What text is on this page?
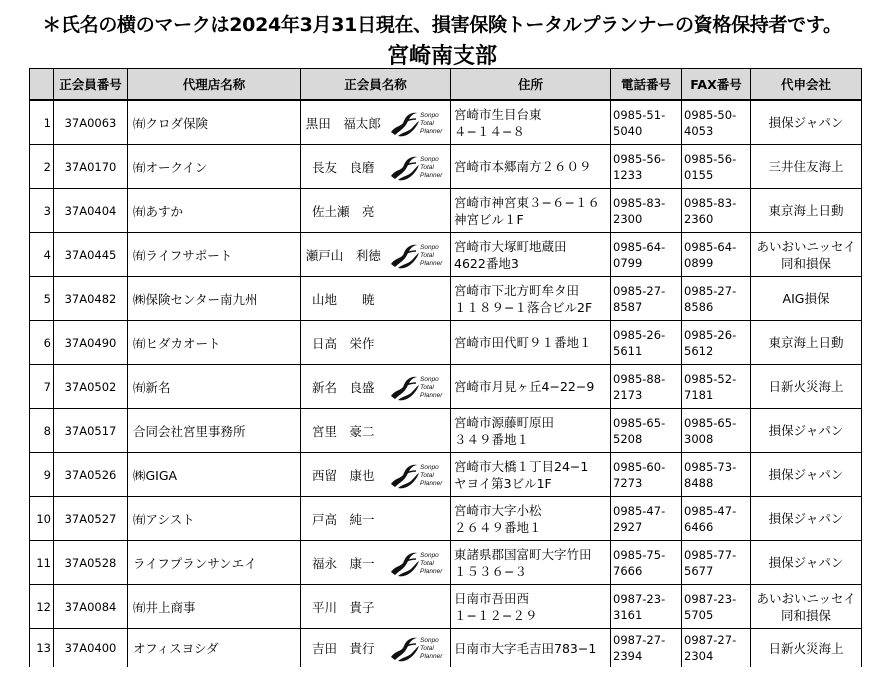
＊氏名の横のマークは2024年3月31日現在、損害保険トータルプランナーの資格保持者です。
宮崎南支部
	正会員番号	代理店名称	正会員名称		住所	電話番号	FAX番号	代申会社
1	37A0063	㈲クロダ保険	黒田　福太郎	Sonpo
Total
Planner	宮崎市生目台東
４−１４−８	0985-51-
5040	0985-50-
4053	損保ジャパン

2	37A0170	㈲オークイン	長友　良磨	Sonpo
Total
Planner	宮崎市本郷南方２６０９	0985-56-
1233	0985-56-
0155	三井住友海上

3	37A0404	㈲あすか	佐土瀬　亮		宮崎市神宮東３−６−１６
神宮ビル１F	0985-83-
2300	0985-83-
2360	東京海上日動

4	37A0445	㈲ライフサポート	瀬戸山　利徳	Sonpo
Total
Planner	宮崎市大塚町地蔵田
4622番地3	0985-64-
0799	0985-64-
0899	あいおいニッセイ
同和損保

5	37A0482	㈱保険センター南九州	山地　　暁		宮崎市下北方町牟タ田
１１８９−１落合ビル2F	0985-27-
8587	0985-27-
8586	AIG損保

6	37A0490	㈲ヒダカオート	日高　栄作		宮崎市田代町９１番地１	0985-26-
5611	0985-26-
5612	東京海上日動

7	37A0502	㈲新名	新名　良盛	Sonpo
Total
Planner	宮崎市月見ヶ丘4−22−9	0985-88-
2173	0985-52-
7181	日新火災海上

8	37A0517	合同会社宮里事務所	宮里　豪二		宮崎市源藤町原田
３４９番地１	0985-65-
5208	0985-65-
3008	損保ジャパン

9	37A0526	㈱GIGA	西留　康也	Sonpo
Total
Planner	宮崎市大橋１丁目24−1
ヤヨイ第3ビル1F	0985-60-
7273	0985-73-
8488	損保ジャパン

10	37A0527	㈲アシスト	戸高　純一		宮崎市大字小松
２６４９番地１	0985-47-
2927	0985-47-
6466	損保ジャパン

11	37A0528	ライフプランサンエイ	福永　康一	Sonpo
Total
Planner	東諸県郡国富町大字竹田
１５３６−３	0985-75-
7666	0985-77-
5677	損保ジャパン

12	37A0084	㈲井上商事	平川　貴子		日南市吾田西
１−１２−２９	0987-23-
3161	0987-23-
5705	あいおいニッセイ
同和損保

13	37A0400	オフィスヨシダ	吉田　貴行	Sonpo
Total
Planner	日南市大字毛吉田783−1	0987-27-
2394	0987-27-
2304	日新火災海上
